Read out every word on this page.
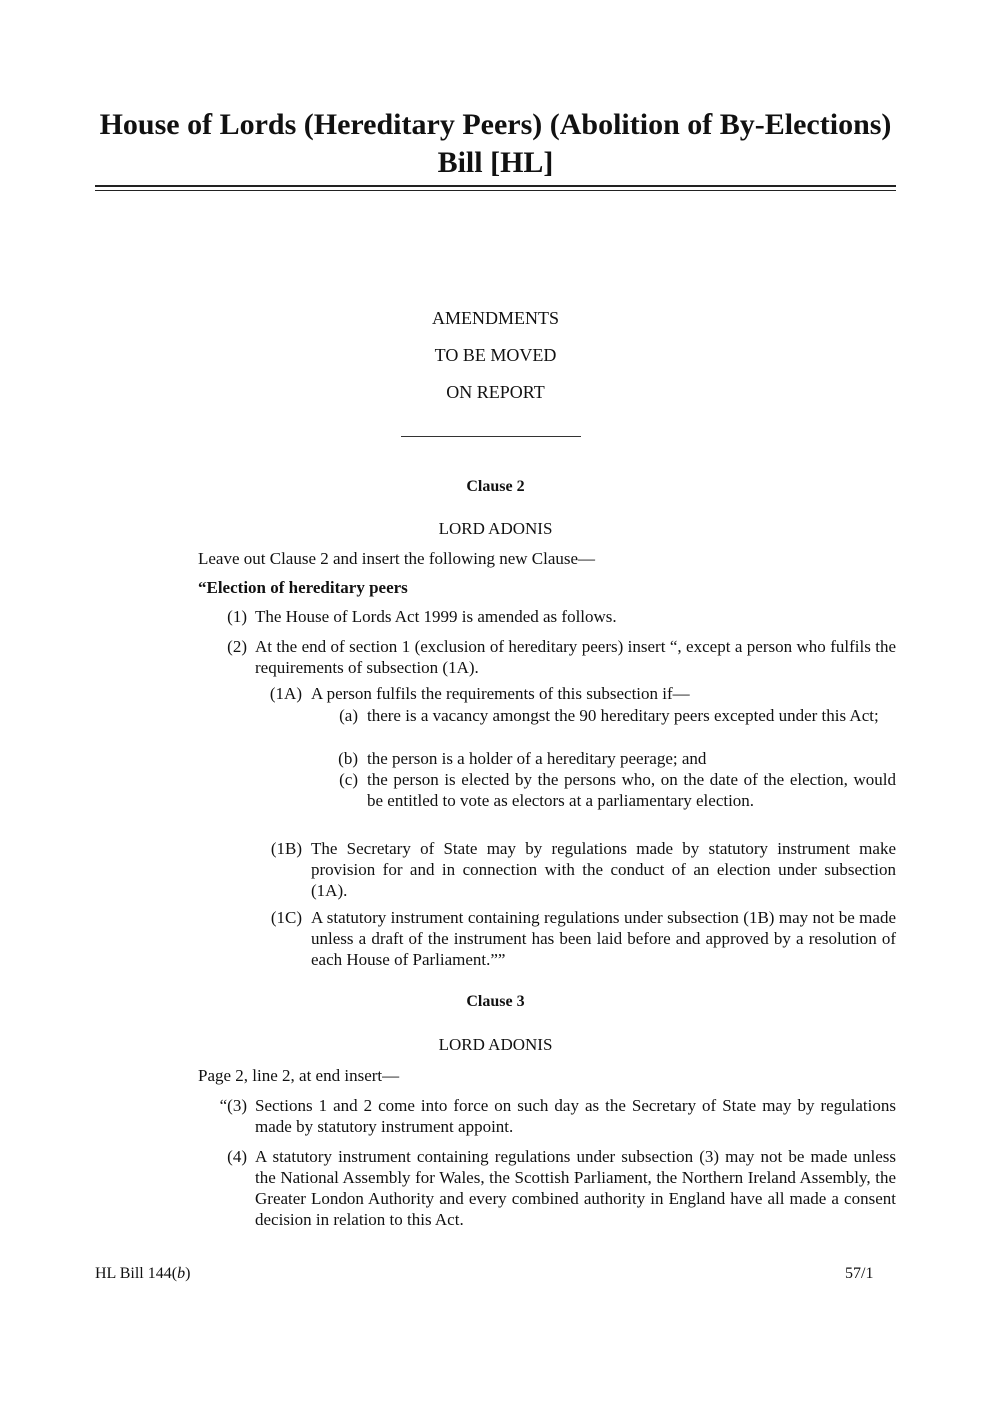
House of Lords (Hereditary Peers) (Abolition of By-Elections) Bill [HL]
AMENDMENTS
TO BE MOVED
ON REPORT
Clause 2
LORD ADONIS
Leave out Clause 2 and insert the following new Clause—
“Election of hereditary peers
(1) The House of Lords Act 1999 is amended as follows.
(2) At the end of section 1 (exclusion of hereditary peers) insert “, except a person who fulfils the requirements of subsection (1A).
(1A) A person fulfils the requirements of this subsection if—
(a) there is a vacancy amongst the 90 hereditary peers excepted under this Act;
(b) the person is a holder of a hereditary peerage; and
(c) the person is elected by the persons who, on the date of the election, would be entitled to vote as electors at a parliamentary election.
(1B) The Secretary of State may by regulations made by statutory instrument make provision for and in connection with the conduct of an election under subsection (1A).
(1C) A statutory instrument containing regulations under subsection (1B) may not be made unless a draft of the instrument has been laid before and approved by a resolution of each House of Parliament.””
Clause 3
LORD ADONIS
Page 2, line 2, at end insert—
“(3) Sections 1 and 2 come into force on such day as the Secretary of State may by regulations made by statutory instrument appoint.
(4) A statutory instrument containing regulations under subsection (3) may not be made unless the National Assembly for Wales, the Scottish Parliament, the Northern Ireland Assembly, the Greater London Authority and every combined authority in England have all made a consent decision in relation to this Act.
HL Bill 144(b)	57/1
